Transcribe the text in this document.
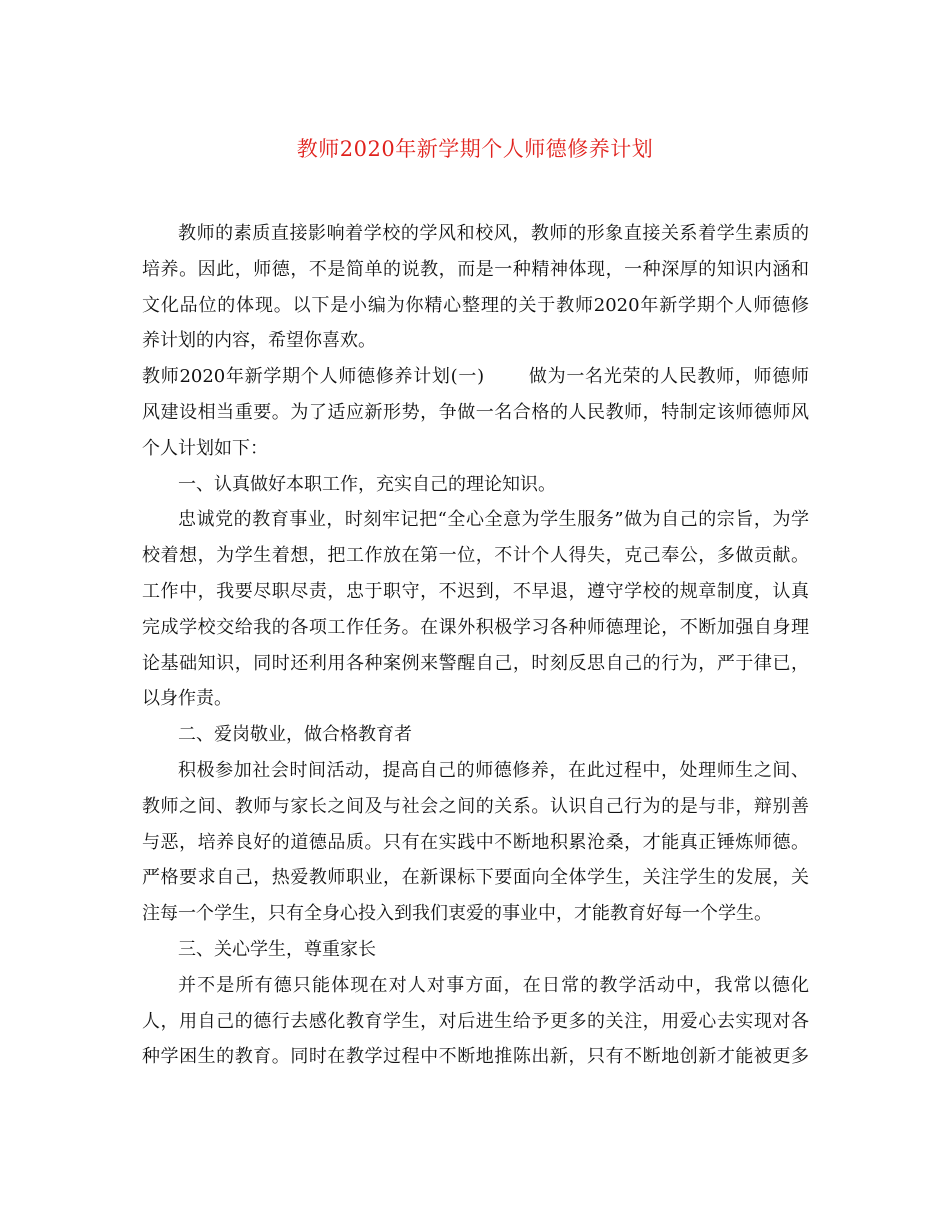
教师2020年新学期个人师德修养计划
教师的素质直接影响着学校的学风和校风，教师的形象直接关系着学生素质的
培养。因此，师德，不是简单的说教，而是一种精神体现，一种深厚的知识内涵和
文化品位的体现。以下是小编为你精心整理的关于教师2020年新学期个人师德修
养计划的内容，希望你喜欢。
教师2020年新学期个人师德修养计划(一) 做为一名光荣的人民教师，师德师
风建设相当重要。为了适应新形势，争做一名合格的人民教师，特制定该师德师风
个人计划如下：
一、认真做好本职工作，充实自己的理论知识。
忠诚党的教育事业，时刻牢记把“全心全意为学生服务”做为自己的宗旨，为学
校着想，为学生着想，把工作放在第一位，不计个人得失，克己奉公，多做贡献。
工作中，我要尽职尽责，忠于职守，不迟到，不早退，遵守学校的规章制度，认真
完成学校交给我的各项工作任务。在课外积极学习各种师德理论，不断加强自身理
论基础知识，同时还利用各种案例来警醒自己，时刻反思自己的行为，严于律已，
以身作责。
二、爱岗敬业，做合格教育者
积极参加社会时间活动，提高自己的师德修养，在此过程中，处理师生之间、
教师之间、教师与家长之间及与社会之间的关系。认识自己行为的是与非，辩别善
与恶，培养良好的道德品质。只有在实践中不断地积累沧桑，才能真正锤炼师德。
严格要求自己，热爱教师职业，在新课标下要面向全体学生，关注学生的发展，关
注每一个学生，只有全身心投入到我们衷爱的事业中，才能教育好每一个学生。
三、关心学生，尊重家长
并不是所有德只能体现在对人对事方面，在日常的教学活动中，我常以德化
人，用自己的德行去感化教育学生，对后进生给予更多的关注，用爱心去实现对各
种学困生的教育。同时在教学过程中不断地推陈出新，只有不断地创新才能被更多
